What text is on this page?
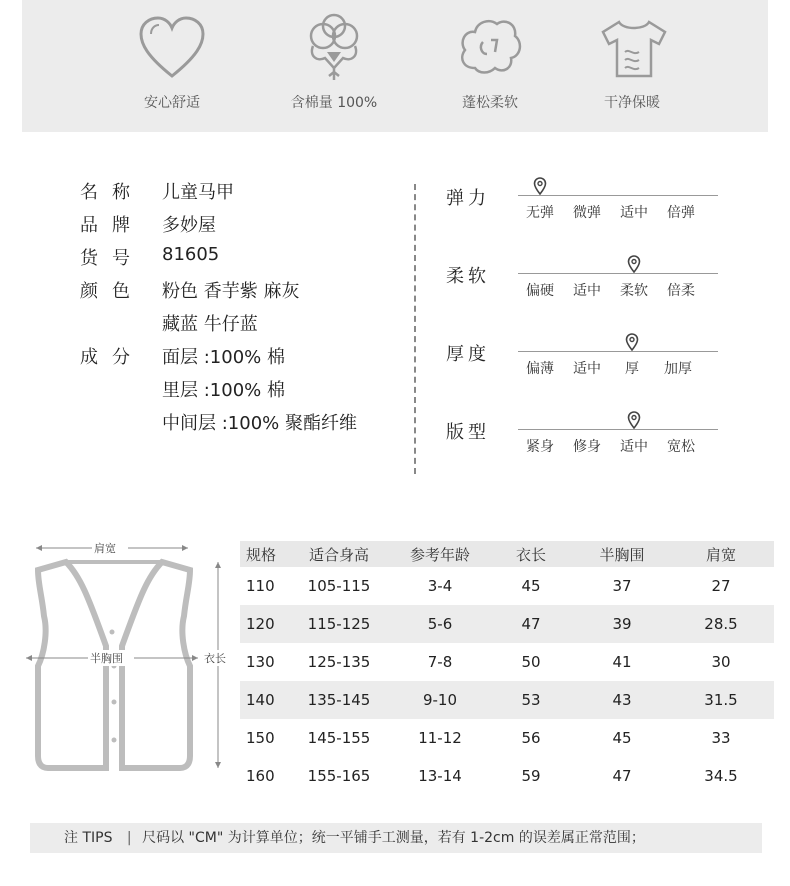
安心舒适	含棉量 100%	蓬松柔软	干净保暖
名称	儿童马甲
品牌	多妙屋
货号	81605
颜色	粉色 香芋紫 麻灰
藏蓝 牛仔蓝
成分	面层 :100% 棉
里层 :100% 棉
中间层 :100% 聚酯纤维
弹力
无弹 微弹 适中 倍弹
柔软
偏硬 适中 柔软 倍柔
厚度
偏薄 适中 厚 加厚
版型
紧身 修身 适中 宽松
肩宽
半胸围	衣长
规格	适合身高	参考年龄	衣长	半胸围	肩宽
110	105-115	3-4	45	37	27
120	115-125	5-6	47	39	28.5
130	125-135	7-8	50	41	30
140	135-145	9-10	53	43	31.5
150	145-155	11-12	56	45	33
160	155-165	13-14	59	47	34.5
注 TIPS | 尺码以 "CM" 为计算单位；统一平铺手工测量，若有 1-2cm 的误差属正常范围；
